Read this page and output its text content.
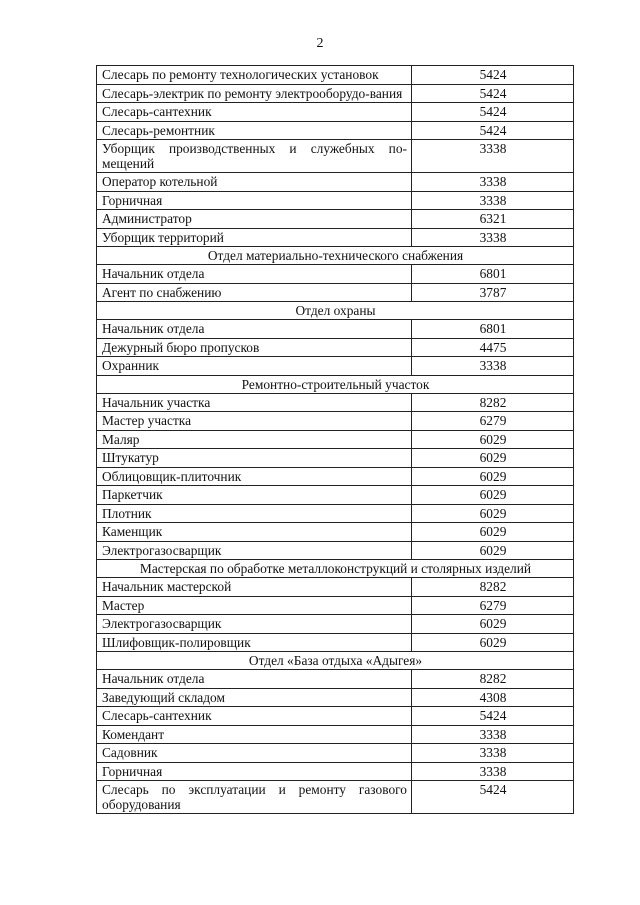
2
Слесарь по ремонту технологических установок	5424
Слесарь-электрик по ремонту электрооборудо-вания	5424
Слесарь-сантехник	5424
Слесарь-ремонтник	5424
Уборщик производственных и служебных по-мещений	3338
Оператор котельной	3338
Горничная	3338
Администратор	6321
Уборщик территорий	3338
Отдел материально-технического снабжения	
Начальник отдела	6801
Агент по снабжению	3787
Отдел охраны	
Начальник отдела	6801
Дежурный бюро пропусков	4475
Охранник	3338
Ремонтно-строительный участок	
Начальник участка	8282
Мастер участка	6279
Маляр	6029
Штукатур	6029
Облицовщик-плиточник	6029
Паркетчик	6029
Плотник	6029
Каменщик	6029
Электрогазосварщик	6029
Мастерская по обработке металлоконструкций и столярных изделий	
Начальник мастерской	8282
Мастер	6279
Электрогазосварщик	6029
Шлифовщик-полировщик	6029
Отдел «База отдыха «Адыгея»	
Начальник отдела	8282
Заведующий складом	4308
Слесарь-сантехник	5424
Комендант	3338
Садовник	3338
Горничная	3338
Слесарь по эксплуатации и ремонту газового оборудования	5424
